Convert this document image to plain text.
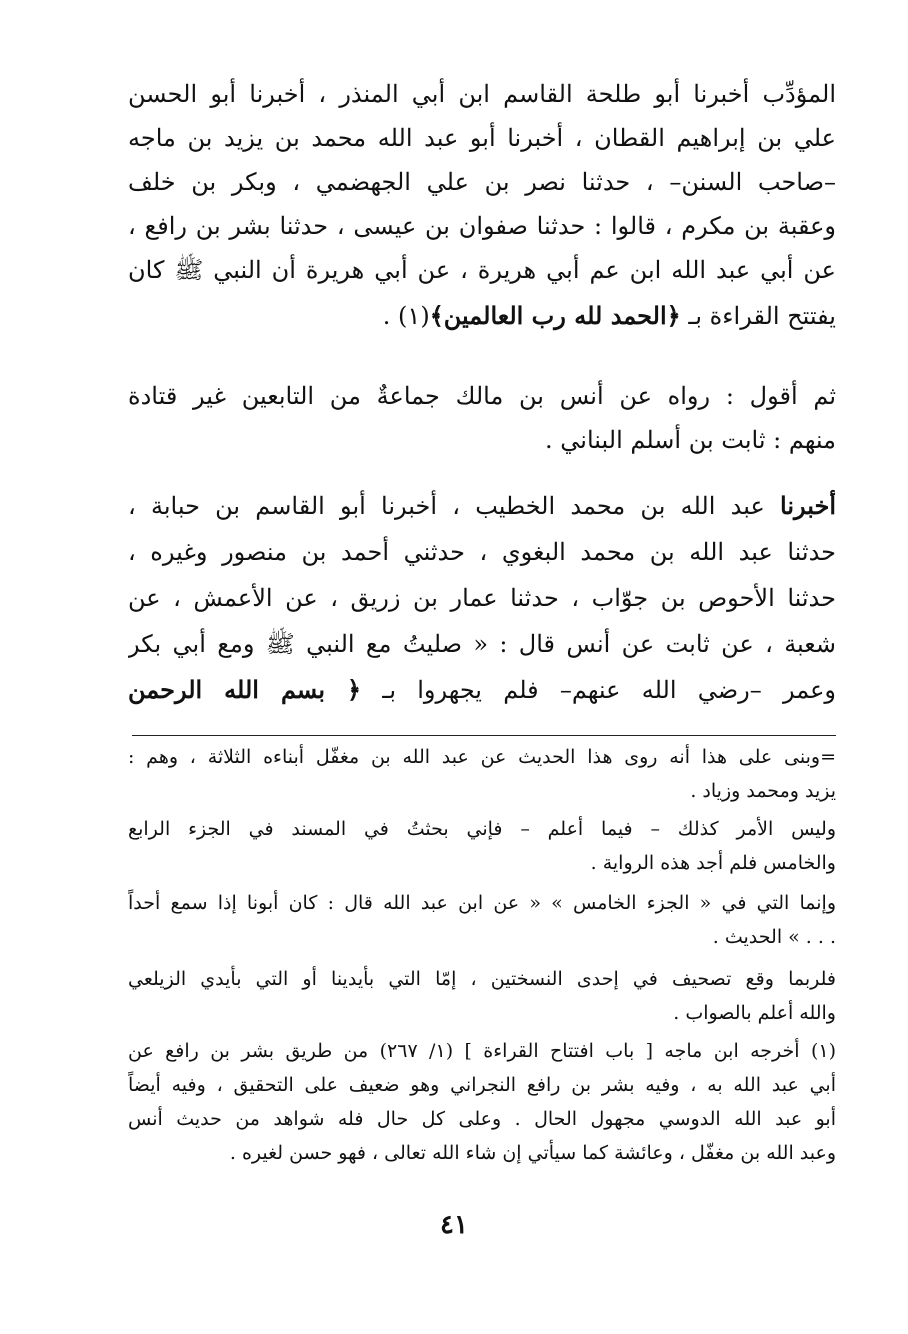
المؤدِّب أخبرنا أبو طلحة القاسم ابن أبي المنذر ، أخبرنا أبو الحسن
علي بن إبراهيم القطان ، أخبرنا أبو عبد الله محمد بن يزيد بن ماجه
–صاحب السنن– ، حدثنا نصر بن علي الجهضمي ، وبكر بن خلف
وعقبة بن مكرم ، قالوا : حدثنا صفوان بن عيسى ، حدثنا بشر بن رافع ،
عن أبي عبد الله ابن عم أبي هريرة ، عن أبي هريرة أن النبي ﷺ كان
يفتتح القراءة بـ ﴿الحمد لله رب العالمين﴾(١) .
ثم أقول : رواه عن أنس بن مالك جماعةٌ من التابعين غير قتادة
منهم : ثابت بن أسلم البناني .
أخبرنا عبد الله بن محمد الخطيب ، أخبرنا أبو القاسم بن حبابة ،
حدثنا عبد الله بن محمد البغوي ، حدثني أحمد بن منصور وغيره ،
حدثنا الأحوص بن جوّاب ، حدثنا عمار بن زريق ، عن الأعمش ، عن
شعبة ، عن ثابت عن أنس قال : « صليتُ مع النبي ﷺ ومع أبي بكر
وعمر –رضي الله عنهم– فلم يجهروا بـ ﴿ بسم الله الرحمن
=وبنى على هذا أنه روى هذا الحديث عن عبد الله بن مغفّل أبناءه الثلاثة ، وهم :
يزيد ومحمد وزياد .
وليس الأمر كذلك – فيما أعلم – فإني بحثتُ في المسند في الجزء الرابع
والخامس فلم أجد هذه الرواية .
وإنما التي في « الجزء الخامس » « عن ابن عبد الله قال : كان أبونا إذا سمع أحداً
. . . » الحديث .
فلربما وقع تصحيف في إحدى النسختين ، إمّا التي بأيدينا أو التي بأيدي الزيلعي
والله أعلم بالصواب .
(١) أخرجه ابن ماجه [ باب افتتاح القراءة ] (١/ ٢٦٧) من طريق بشر بن رافع عن
أبي عبد الله به ، وفيه بشر بن رافع النجراني وهو ضعيف على التحقيق ، وفيه أيضاً
أبو عبد الله الدوسي مجهول الحال . وعلى كل حال فله شواهد من حديث أنس
وعبد الله بن مغفّل ، وعائشة كما سيأتي إن شاء الله تعالى ، فهو حسن لغيره .
٤١
